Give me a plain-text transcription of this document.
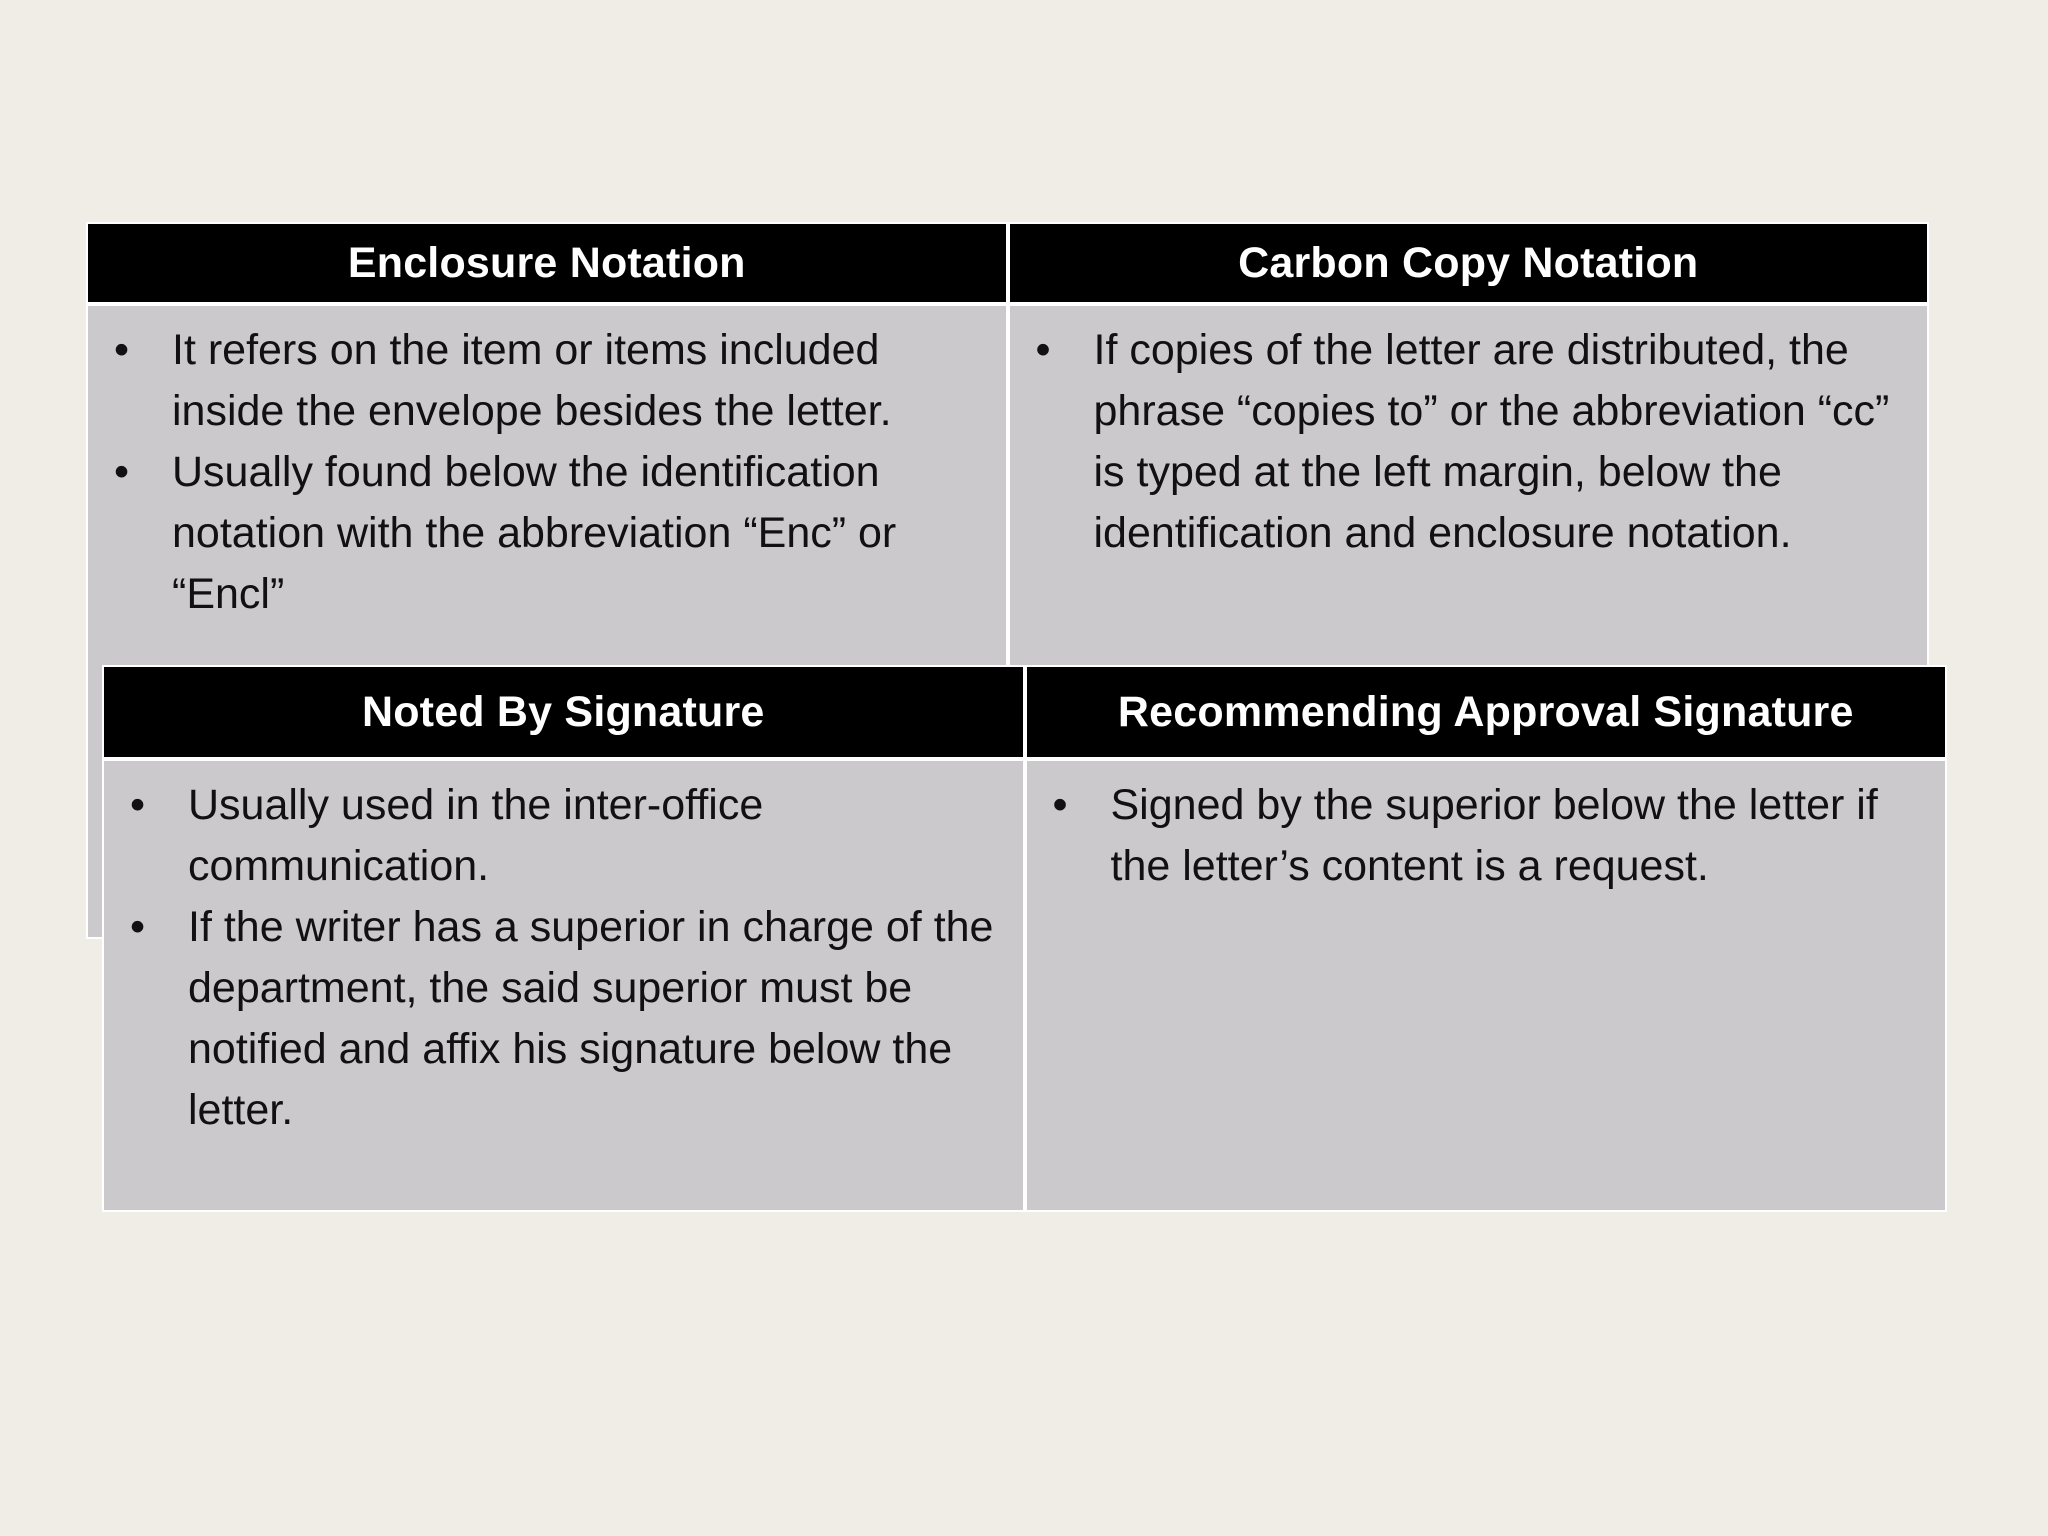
Enclosure Notation	Carbon Copy Notation
• It refers on the item or items included inside the envelope besides the letter.
• Usually found below the identification notation with the abbreviation “Enc” or “Encl”
• If copies of the letter are distributed, the phrase “copies to” or the abbreviation “cc” is typed at the left margin, below the identification and enclosure notation.
Noted By Signature	Recommending Approval Signature
• Usually used in the inter-office communication.
• If the writer has a superior in charge of the department, the said superior must be notified and affix his signature below the letter.
• Signed by the superior below the letter if the letter’s content is a request.
